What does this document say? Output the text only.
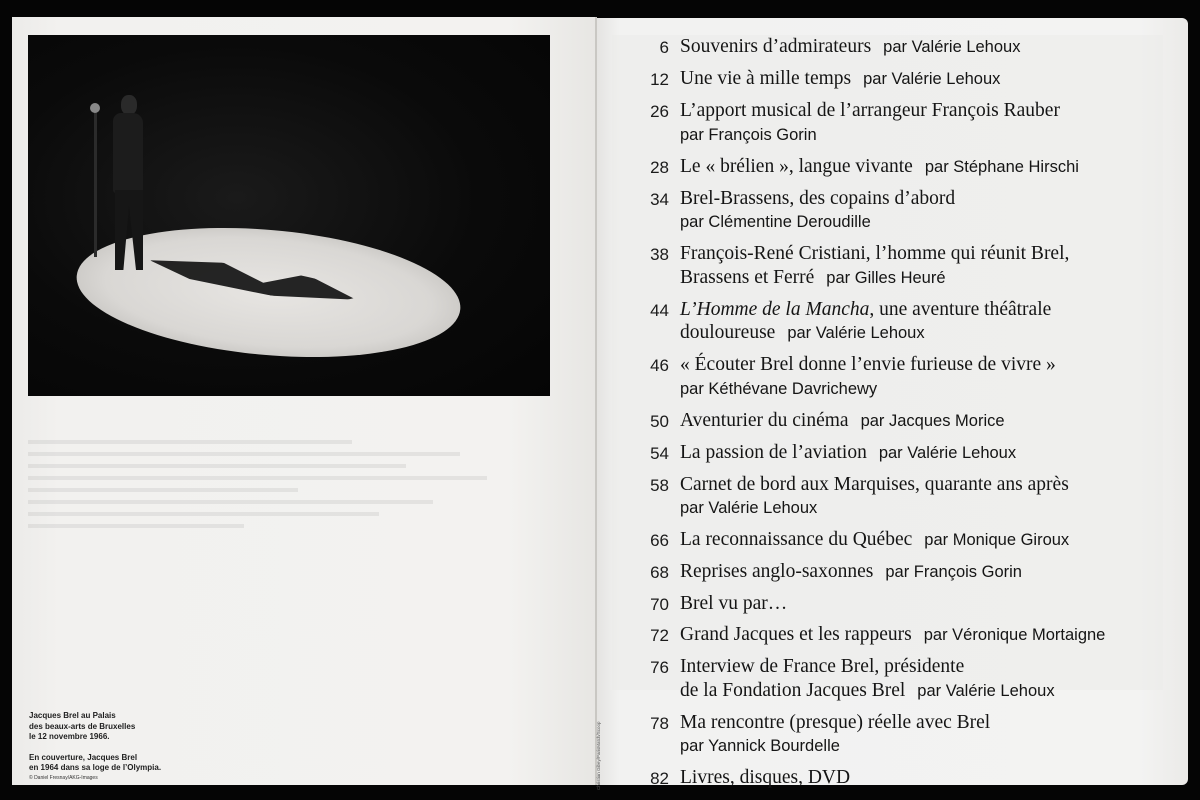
Jacques Brel au Palais

des beaux-arts de Bruxelles

le 12 novembre 1966.

En couverture, Jacques Brel

en 1964 dans sa loge de l’Olympia.

© Daniel Fresnay/AKG-Images	Christian Gibey/ParisMatch/Scoop
6 Souvenirs d’admirateurs par Valérie Lehoux
12 Une vie à mille temps par Valérie Lehoux
26 L’apport musical de l’arrangeur François Rauber
par François Gorin
28 Le « brélien », langue vivante par Stéphane Hirschi
34 Brel-Brassens, des copains d’abord
par Clémentine Deroudille
38 François-René Cristiani, l’homme qui réunit Brel,
Brassens et Ferré par Gilles Heuré
44 L’Homme de la Mancha, une aventure théâtrale
douloureuse par Valérie Lehoux
46 « Écouter Brel donne l’envie furieuse de vivre »
par Kéthévane Davrichewy
50 Aventurier du cinéma par Jacques Morice
54 La passion de l’aviation par Valérie Lehoux
58 Carnet de bord aux Marquises, quarante ans après
par Valérie Lehoux
66 La reconnaissance du Québec par Monique Giroux
68 Reprises anglo-saxonnes par François Gorin
70 Brel vu par…
72 Grand Jacques et les rappeurs par Véronique Mortaigne
76 Interview de France Brel, présidente
de la Fondation Jacques Brel par Valérie Lehoux
78 Ma rencontre (presque) réelle avec Brel
par Yannick Bourdelle
82 Livres, disques, DVD
